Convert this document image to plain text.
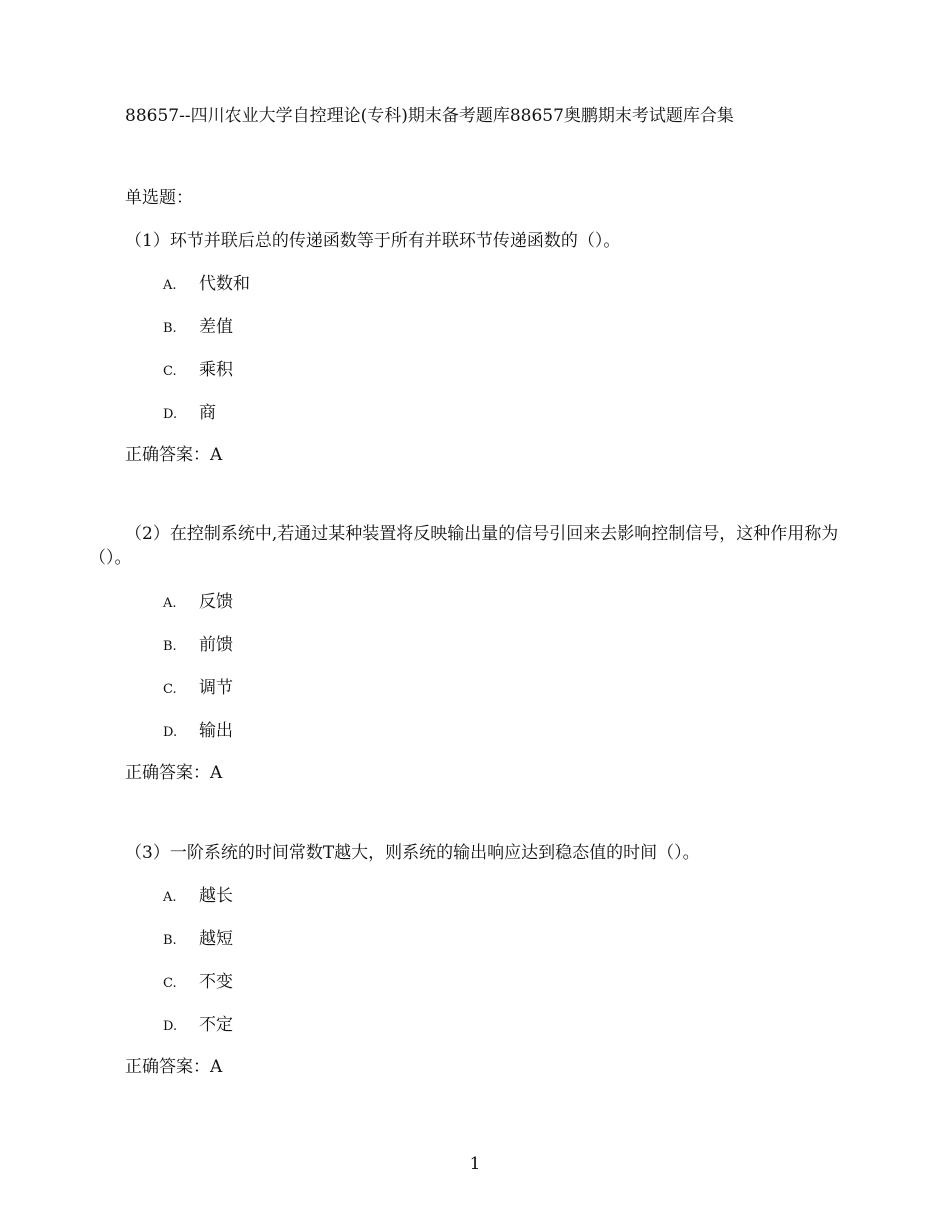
88657--四川农业大学自控理论(专科)期末备考题库88657奥鹏期末考试题库合集
单选题：
（1）环节并联后总的传递函数等于所有并联环节传递函数的（）。
A. 代数和
B. 差值
C. 乘积
D. 商
正确答案：A
（2）在控制系统中,若通过某种装置将反映输出量的信号引回来去影响控制信号，这种作用称为（）。
A. 反馈
B. 前馈
C. 调节
D. 输出
正确答案：A
（3）一阶系统的时间常数T越大，则系统的输出响应达到稳态值的时间（）。
A. 越长
B. 越短
C. 不变
D. 不定
正确答案：A
1
